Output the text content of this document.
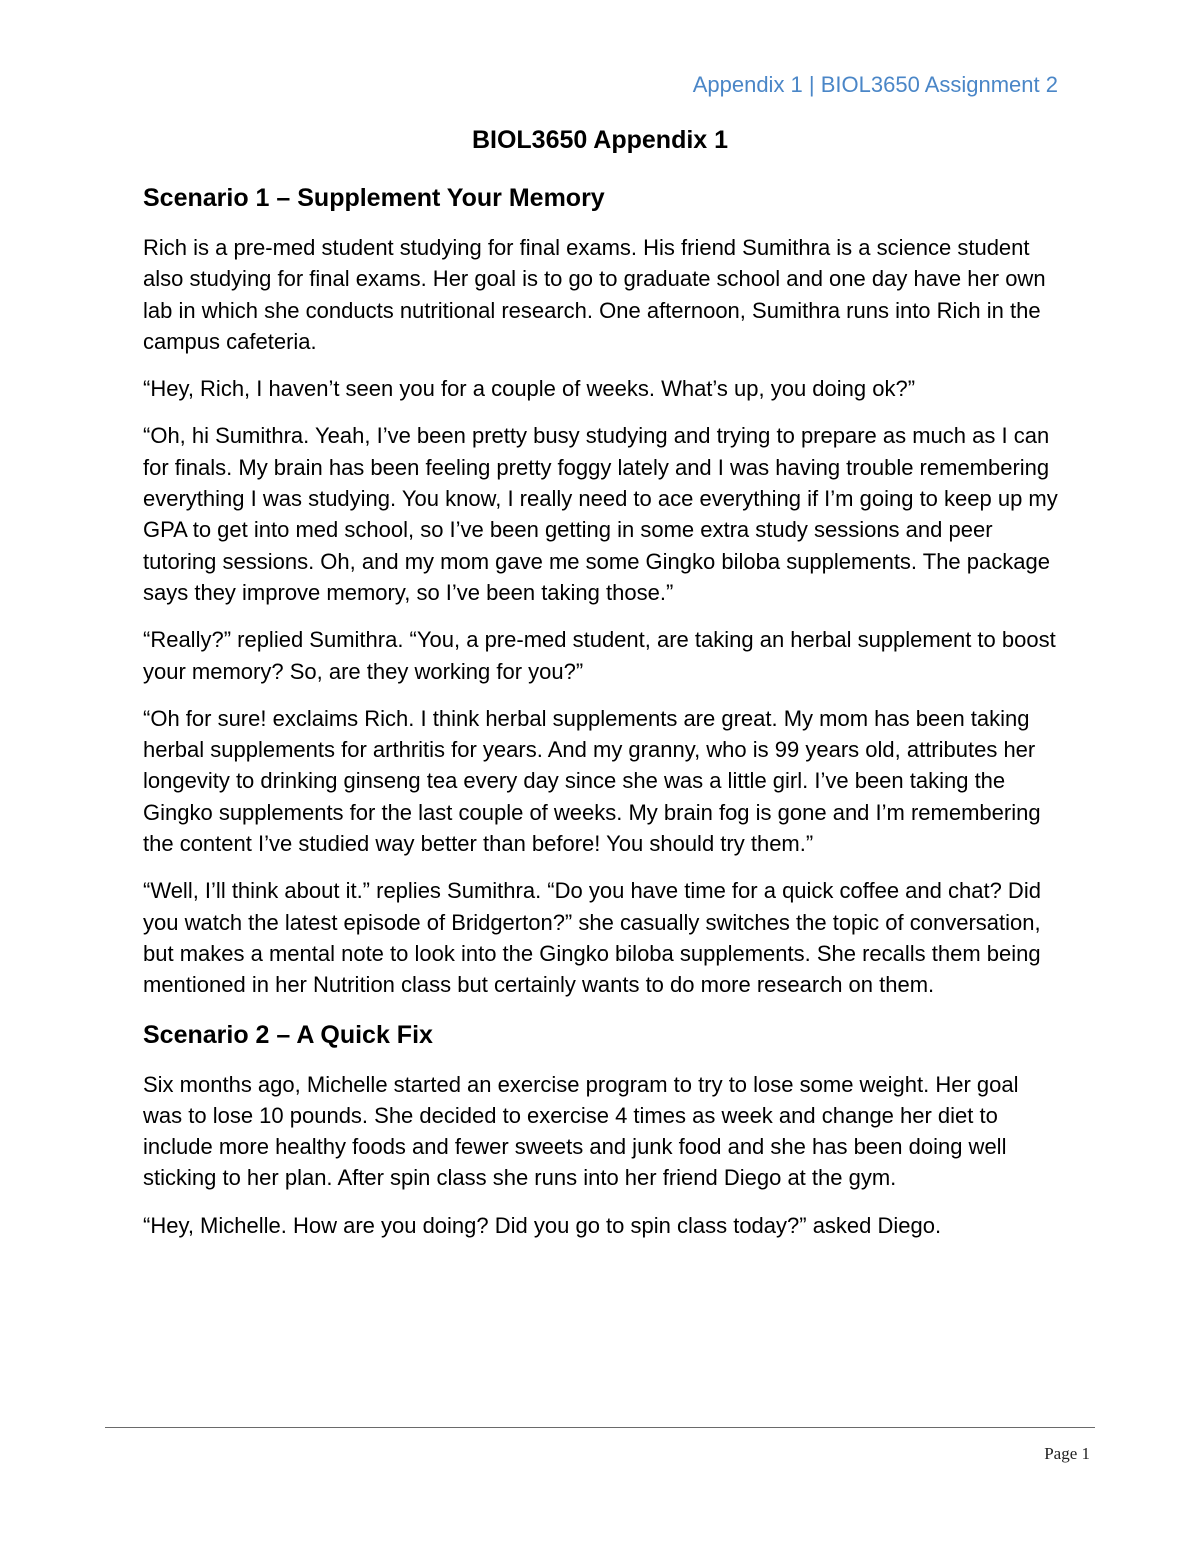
Appendix 1 | BIOL3650 Assignment 2
BIOL3650 Appendix 1
Scenario 1 – Supplement Your Memory

Rich is a pre-med student studying for final exams. His friend Sumithra is a science student also studying for final exams. Her goal is to go to graduate school and one day have her own lab in which she conducts nutritional research. One afternoon, Sumithra runs into Rich in the campus cafeteria.

“Hey, Rich, I haven’t seen you for a couple of weeks. What’s up, you doing ok?”

“Oh, hi Sumithra. Yeah, I’ve been pretty busy studying and trying to prepare as much as I can for finals. My brain has been feeling pretty foggy lately and I was having trouble remembering everything I was studying. You know, I really need to ace everything if I’m going to keep up my GPA to get into med school, so I’ve been getting in some extra study sessions and peer tutoring sessions. Oh, and my mom gave me some Gingko biloba supplements. The package says they improve memory, so I’ve been taking those.”

“Really?” replied Sumithra. “You, a pre-med student, are taking an herbal supplement to boost your memory? So, are they working for you?”

“Oh for sure! exclaims Rich. I think herbal supplements are great. My mom has been taking herbal supplements for arthritis for years. And my granny, who is 99 years old, attributes her longevity to drinking ginseng tea every day since she was a little girl. I’ve been taking the Gingko supplements for the last couple of weeks. My brain fog is gone and I’m remembering the content I’ve studied way better than before! You should try them.”

“Well, I’ll think about it.” replies Sumithra. “Do you have time for a quick coffee and chat? Did you watch the latest episode of Bridgerton?” she casually switches the topic of conversation, but makes a mental note to look into the Gingko biloba supplements. She recalls them being mentioned in her Nutrition class but certainly wants to do more research on them.

Scenario 2 – A Quick Fix

Six months ago, Michelle started an exercise program to try to lose some weight. Her goal was to lose 10 pounds. She decided to exercise 4 times as week and change her diet to include more healthy foods and fewer sweets and junk food and she has been doing well sticking to her plan. After spin class she runs into her friend Diego at the gym.

“Hey, Michelle. How are you doing? Did you go to spin class today?” asked Diego.

Page 1
